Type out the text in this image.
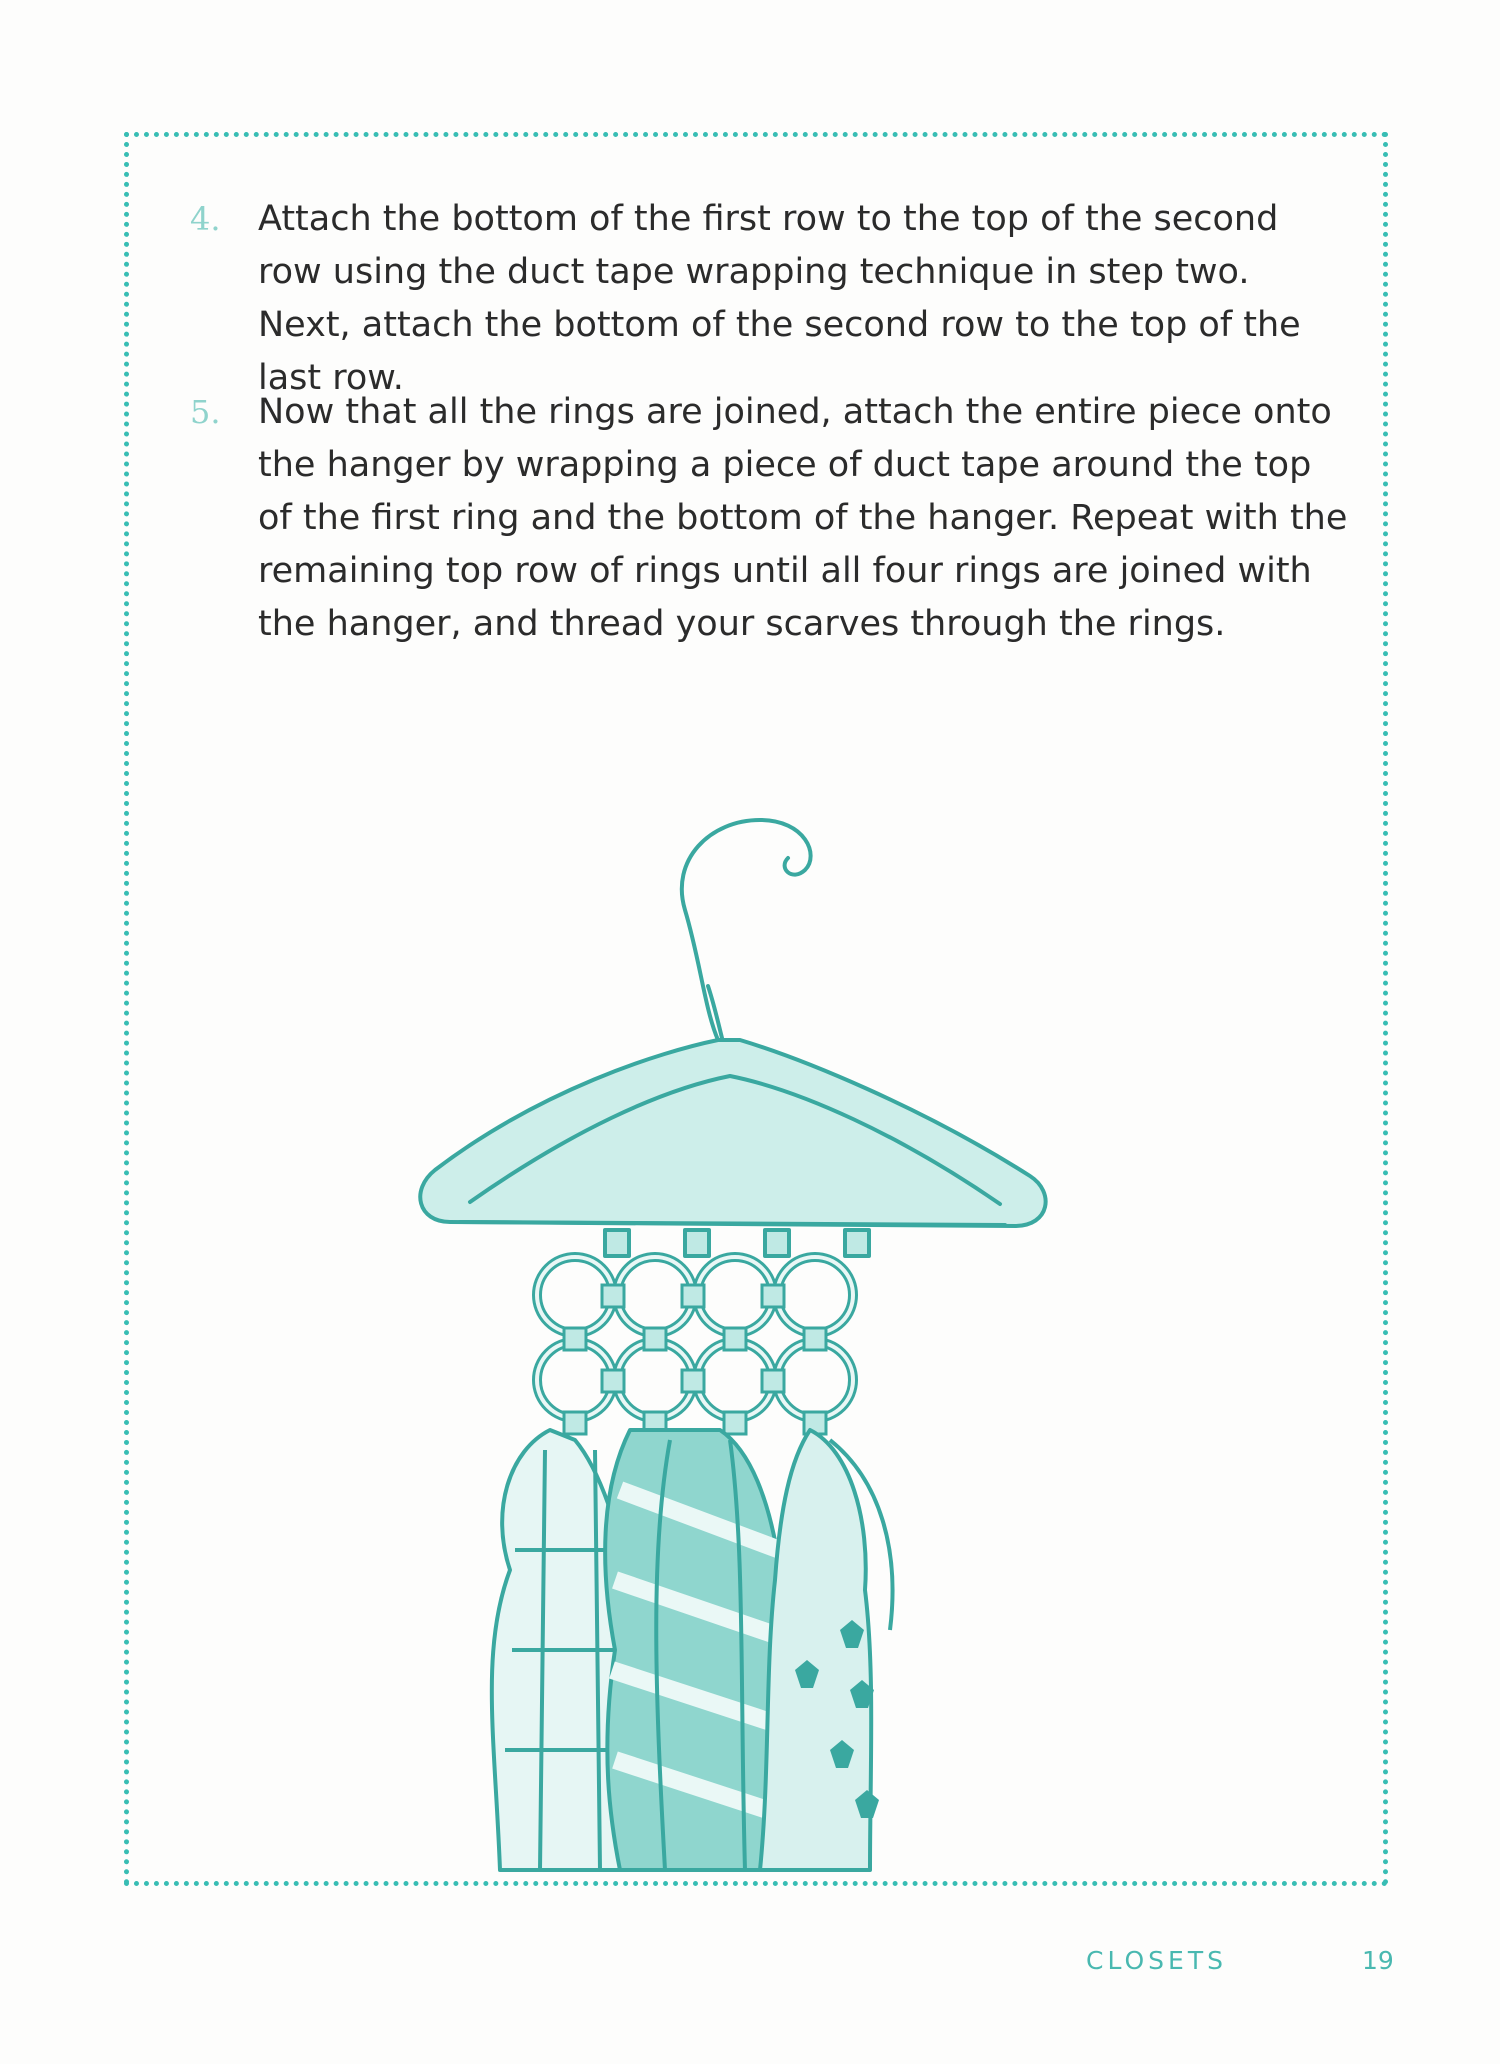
4. Attach the bottom of the first row to the top of the second row using the duct tape wrapping technique in step two. Next, attach the bottom of the second row to the top of the last row.
5. Now that all the rings are joined, attach the entire piece onto the hanger by wrapping a piece of duct tape around the top of the first ring and the bottom of the hanger. Repeat with the remaining top row of rings until all four rings are joined with the hanger, and thread your scarves through the rings.
CLOSETS	19
